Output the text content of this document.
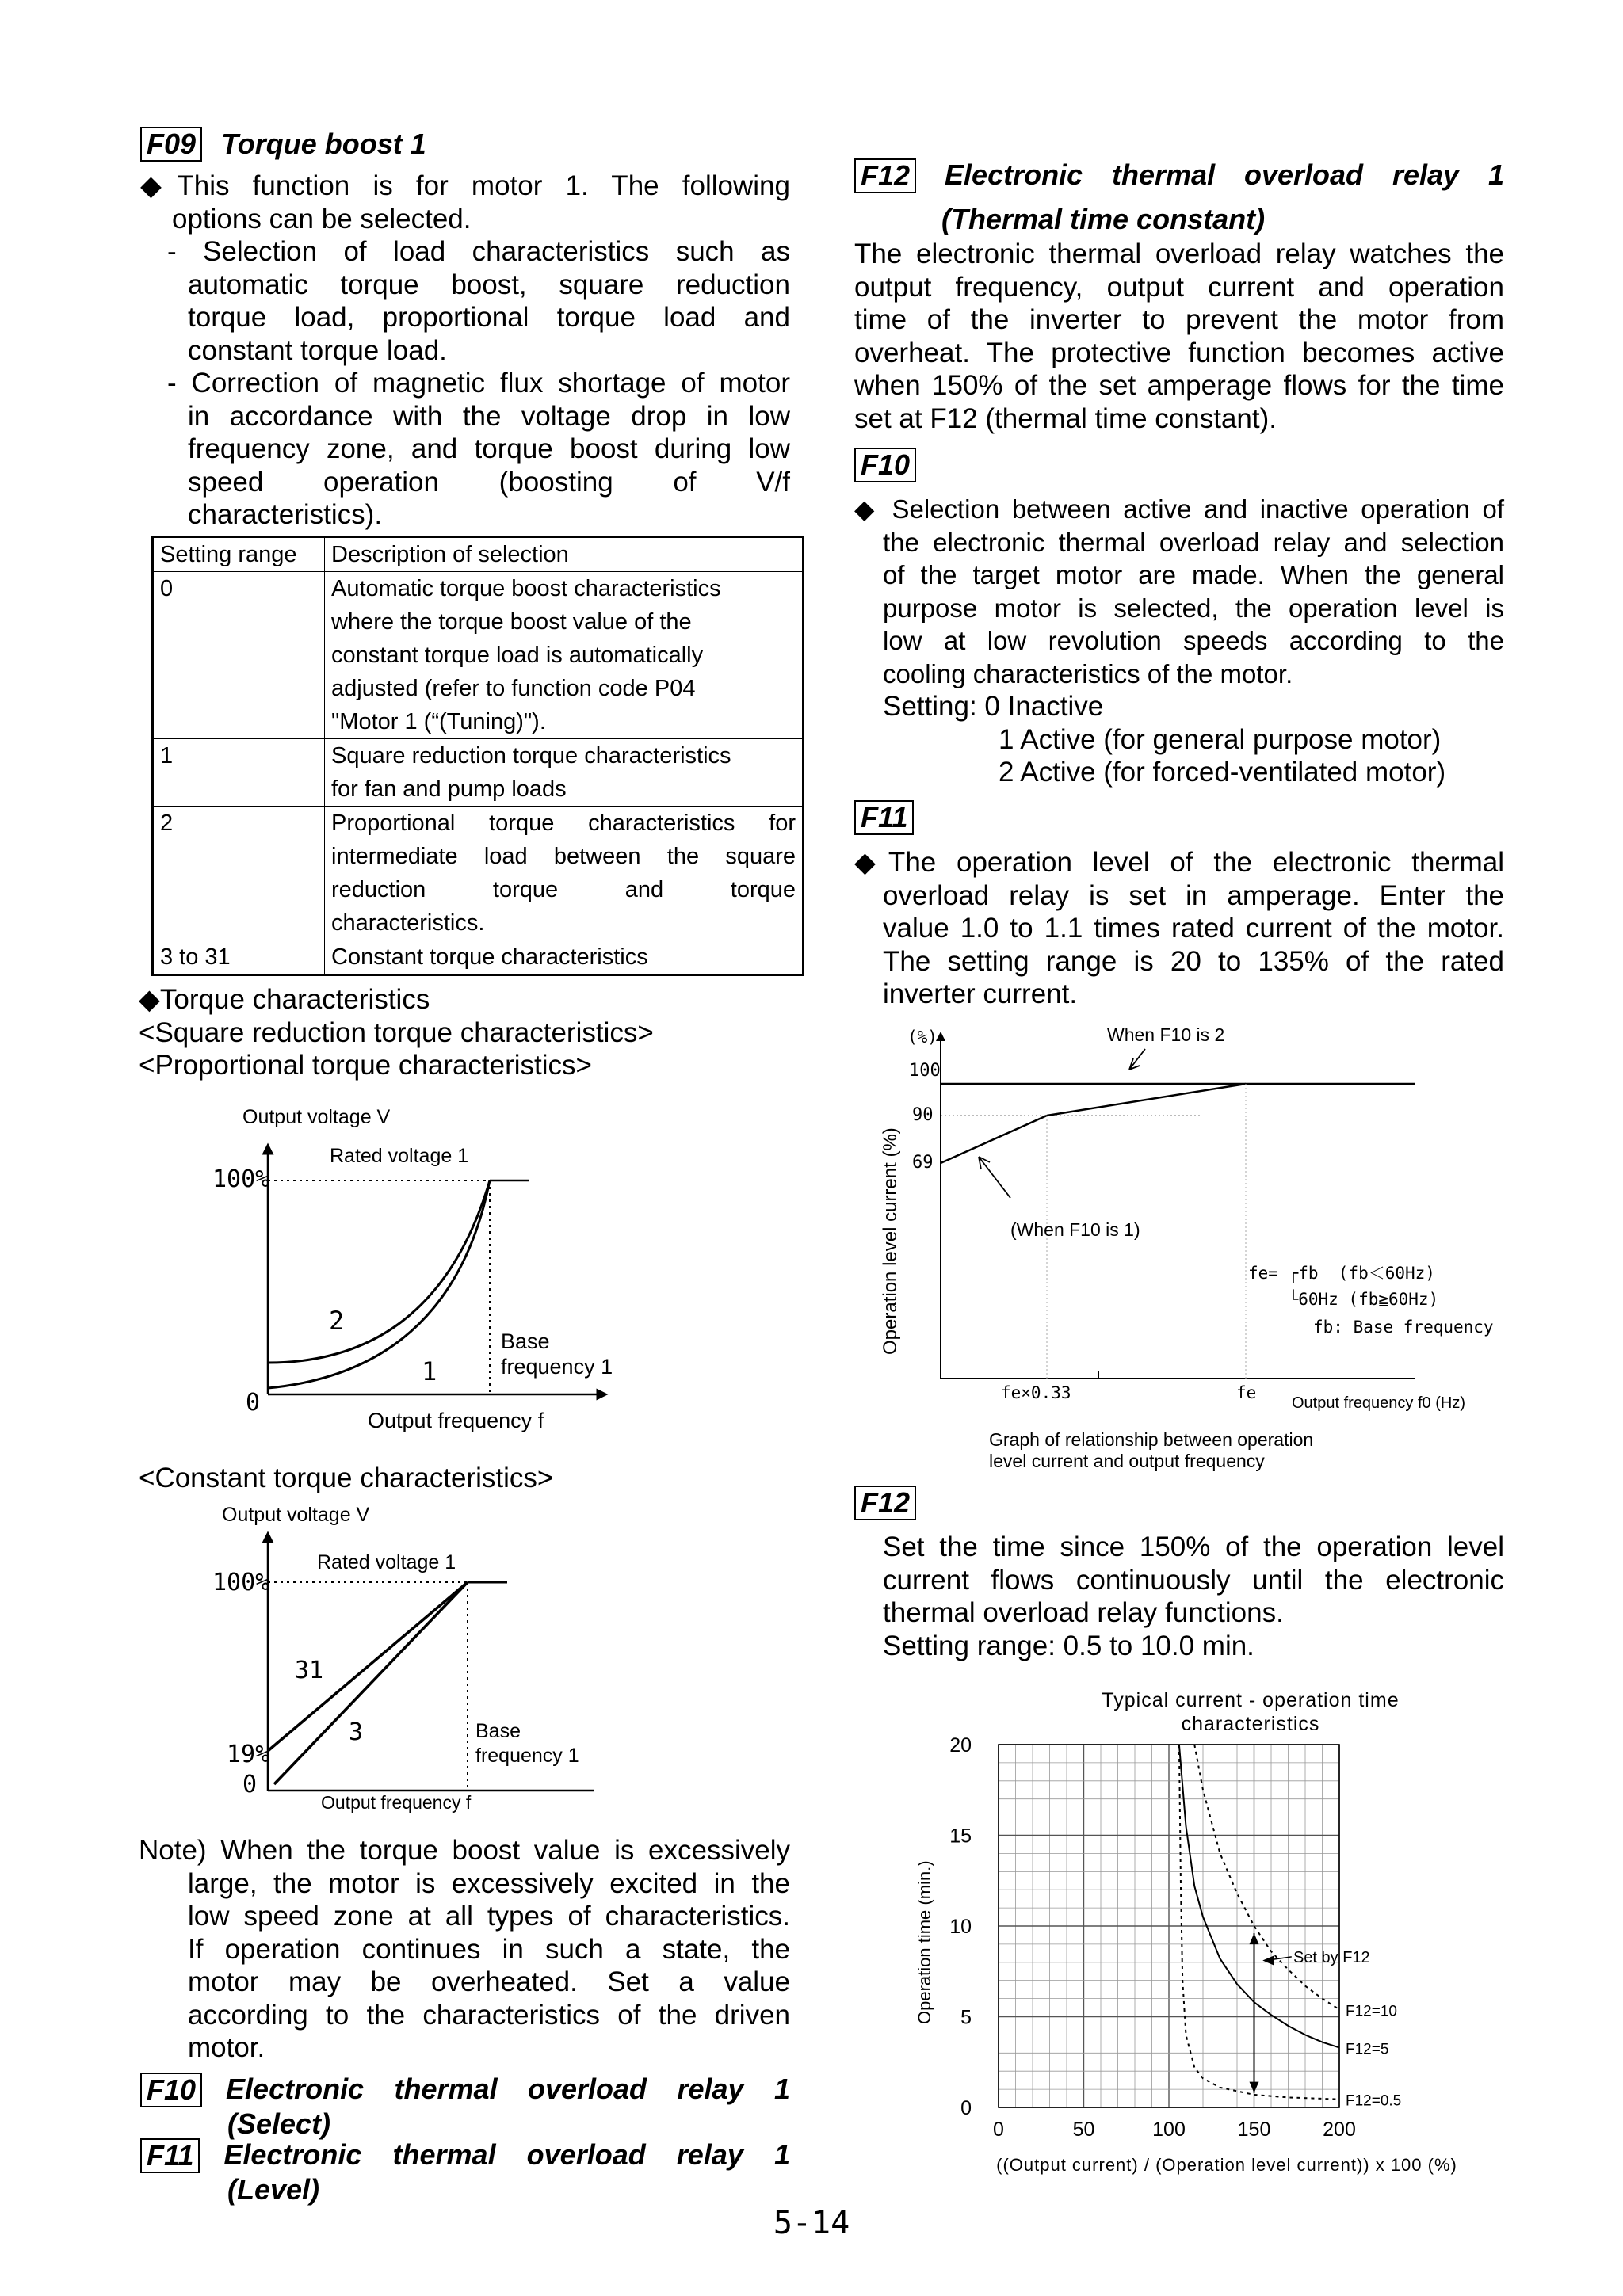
F09 Torque boost 1

◆This function is for motor 1. The following

options can be selected.

- Selection of load characteristics such as

automatic torque boost, square reduction

torque load, proportional torque load and

constant torque load.

- Correction of magnetic flux shortage of motor

in accordance with the voltage drop in low

frequency zone, and torque boost during low

speed operation (boosting of V/f

characteristics).

Setting range	Description of selection
0	Automatic torque boost characteristics
where the torque boost value of the
constant torque load is automatically
adjusted (refer to function code P04
"Motor 1 (“(Tuning)").

1	Square reduction torque characteristics
for fan and pump loads

2	Proportional torque characteristics for
intermediate load between the square
reduction torque and torque
characteristics.

3 to 31	Constant torque characteristics

◆Torque characteristics

<Square reduction torque characteristics>

<Proportional torque characteristics>

Output voltage V
Rated voltage 1
100%
2
1
0
Base
frequency 1
Output frequency f

<Constant torque characteristics>

Output voltage V
Rated voltage 1
100%
31
3
19%
0
Base
frequency 1
Output frequency f

Note) When the torque boost value is excessively

large, the motor is excessively excited in the

low speed zone at all types of characteristics.

If operation continues in such a state, the

motor may be overheated. Set a value

according to the characteristics of the driven

motor.

F10 Electronic thermal overload relay 1
(Select)
F11 Electronic thermal overload relay 1
(Level)
F12 Electronic thermal overload relay 1
(Thermal time constant)

The electronic thermal overload relay watches the

output frequency, output current and operation

time of the inverter to prevent the motor from

overheat. The protective function becomes active

when 150% of the set amperage flows for the time

set at F12 (thermal time constant).

F10

◆ Selection between active and inactive operation of

the electronic thermal overload relay and selection

of the target motor are made. When the general

purpose motor is selected, the operation level is

low at low revolution speeds according to the

cooling characteristics of the motor.

Setting: 0 Inactive

1 Active (for general purpose motor)

2 Active (for forced-ventilated motor)

F11

◆The operation level of the electronic thermal

overload relay is set in amperage. Enter the

value 1.0 to 1.1 times rated current of the motor.

The setting range is 20 to 135% of the rated

inverter current.

(%)
Operation level current (%)
100
90
69
When F10 is 2
(When F10 is 1)
fe= ┌fb  (fb＜60Hz)
└60Hz (fb≧60Hz)
fb: Base frequency
fe×0.33	fe
Output frequency f0 (Hz)
Graph of relationship between operation
level current and output frequency
F12

Set the time since 150% of the operation level

current flows continuously until the electronic

thermal overload relay functions.

Setting range: 0.5 to 10.0 min.

Typical current - operation time
characteristics
Operation time (min.)
((Output current) / (Operation level current)) x 100 (%)
0	50	100	150	200
0
5
10
15
20
F12=10
F12=5
F12=0.5
Set by F12
5-14
